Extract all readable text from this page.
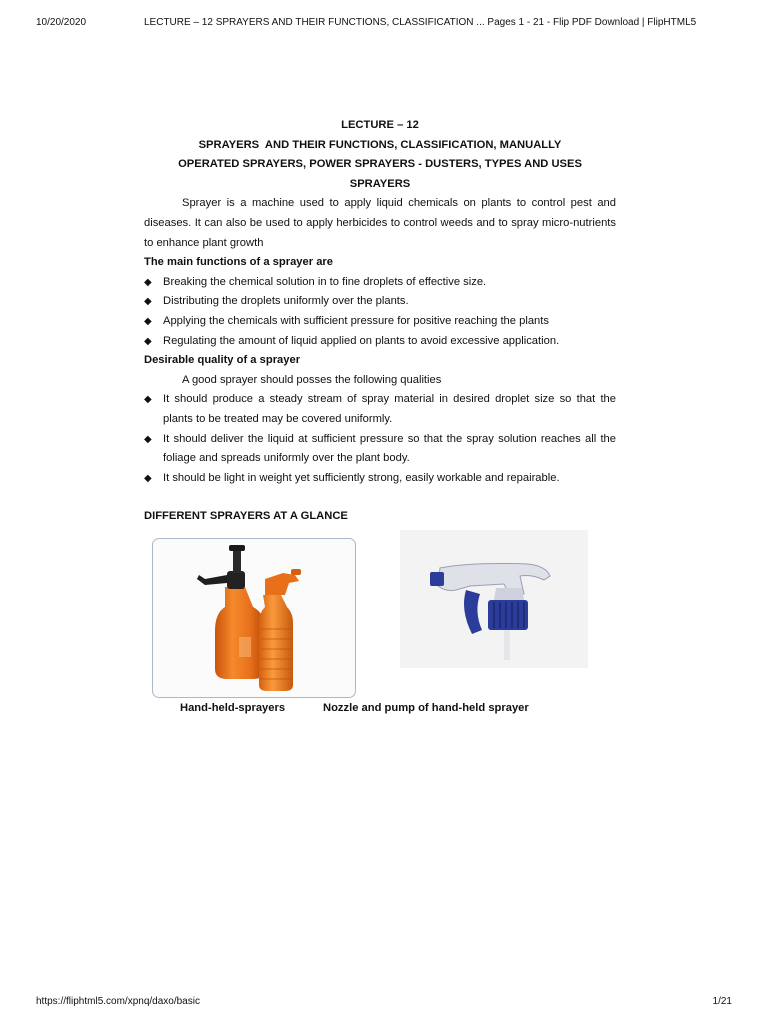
10/20/2020	LECTURE – 12 SPRAYERS AND THEIR FUNCTIONS, CLASSIFICATION ... Pages 1 - 21 - Flip PDF Download | FlipHTML5
LECTURE – 12
SPRAYERS  AND THEIR FUNCTIONS, CLASSIFICATION, MANUALLY
OPERATED SPRAYERS, POWER SPRAYERS - DUSTERS, TYPES AND USES
SPRAYERS
Sprayer is a machine used to apply liquid chemicals on plants to control pest and diseases. It can also be used to apply herbicides to control weeds and to spray micro-nutrients to enhance plant growth
The main functions of a sprayer are
◆ Breaking the chemical solution in to fine droplets of effective size.
◆ Distributing the droplets uniformly over the plants.
◆ Applying the chemicals with sufficient pressure for positive reaching the plants
◆ Regulating the amount of liquid applied on plants to avoid excessive application.
Desirable quality of a sprayer
A good sprayer should posses the following qualities
◆ It should produce a steady stream of spray material in desired droplet size so that the plants to be treated may be covered uniformly.
◆ It should deliver the liquid at sufficient pressure so that the spray solution reaches all the foliage and spreads uniformly over the plant body.
◆ It should be light in weight yet sufficiently strong, easily workable and repairable.
DIFFERENT SPRAYERS AT A GLANCE
Hand-held-sprayers	Nozzle and pump of hand-held sprayer
https://fliphtml5.com/xpnq/daxo/basic	1/21
